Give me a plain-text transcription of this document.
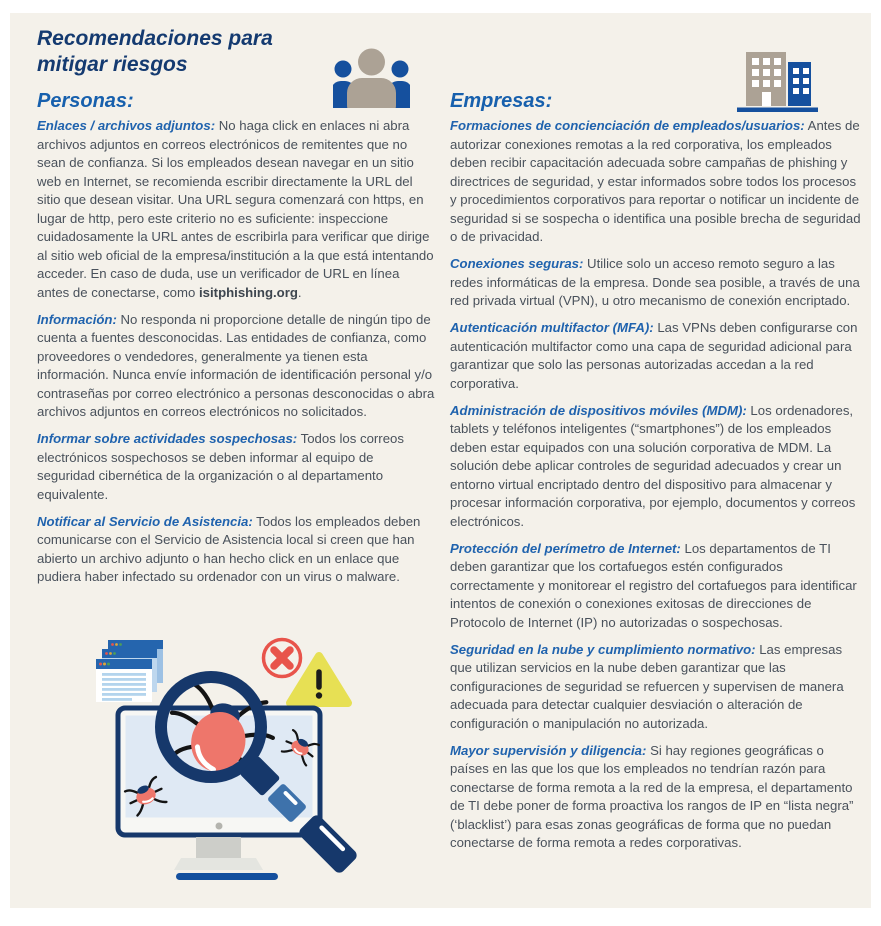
Recomendaciones para
mitigar riesgos
Personas:	Empresas:

Enlaces / archivos adjuntos: No haga click en enlaces ni abra archivos adjuntos en correos electrónicos de remitentes que no sean de confianza. Si los empleados desean navegar en un sitio web en Internet, se recomienda escribir directamente la URL del sitio que desean visitar. Una URL segura comenzará con https, en lugar de http, pero este criterio no es suficiente: inspeccione cuidadosamente la URL antes de escribirla para verificar que dirige al sitio web oficial de la empresa/institución a la que está intentando acceder. En caso de duda, use un verificador de URL en línea antes de conectarse, como isitphishing.org.

Información: No responda ni proporcione detalle de ningún tipo de cuenta a fuentes desconocidas. Las entidades de confianza, como proveedores o vendedores, generalmente ya tienen esta información. Nunca envíe información de identificación personal y/o contraseñas por correo electrónico a personas desconocidas o abra archivos adjuntos en correos electrónicos no solicitados.

Informar sobre actividades sospechosas: Todos los correos electrónicos sospechosos se deben informar al equipo de seguridad cibernética de la organización o al departamento equivalente.

Notificar al Servicio de Asistencia: Todos los empleados deben comunicarse con el Servicio de Asistencia local si creen que han abierto un archivo adjunto o han hecho click en un enlace que pudiera haber infectado su ordenador con un virus o malware.

Formaciones de concienciación de empleados/usuarios: Antes de autorizar conexiones remotas a la red corporativa, los empleados deben recibir capacitación adecuada sobre campañas de phishing y directrices de seguridad, y estar informados sobre todos los procesos y procedimientos corporativos para reportar o notificar un incidente de seguridad si se sospecha o identifica una posible brecha de seguridad o de privacidad.

Conexiones seguras: Utilice solo un acceso remoto seguro a las redes informáticas de la empresa. Donde sea posible, a través de una red privada virtual (VPN), u otro mecanismo de conexión encriptado.

Autenticación multifactor (MFA): Las VPNs deben configurarse con autenticación multifactor como una capa de seguridad adicional para garantizar que solo las personas autorizadas accedan a la red corporativa.

Administración de dispositivos móviles (MDM): Los ordenadores, tablets y teléfonos inteligentes (“smartphones”) de los empleados deben estar equipados con una solución corporativa de MDM. La solución debe aplicar controles de seguridad adecuados y crear un entorno virtual encriptado dentro del dispositivo para almacenar y procesar información corporativa, por ejemplo, documentos y correos electrónicos.

Protección del perímetro de Internet: Los departamentos de TI deben garantizar que los cortafuegos estén configurados correctamente y monitorear el registro del cortafuegos para identificar intentos de conexión o conexiones exitosas de direcciones de Protocolo de Internet (IP) no autorizadas o sospechosas.

Seguridad en la nube y cumplimiento normativo: Las empresas que utilizan servicios en la nube deben garantizar que las configuraciones de seguridad se refuercen y supervisen de manera adecuada para detectar cualquier desviación o alteración de configuración o manipulación no autorizada.

Mayor supervisión y diligencia: Si hay regiones geográficas o países en las que los que los empleados no tendrían razón para conectarse de forma remota a la red de la empresa, el departamento de TI debe poner de forma proactiva los rangos de IP en “lista negra” (‘blacklist’) para esas zonas geográficas de forma que no puedan conectarse de forma remota a redes corporativas.
